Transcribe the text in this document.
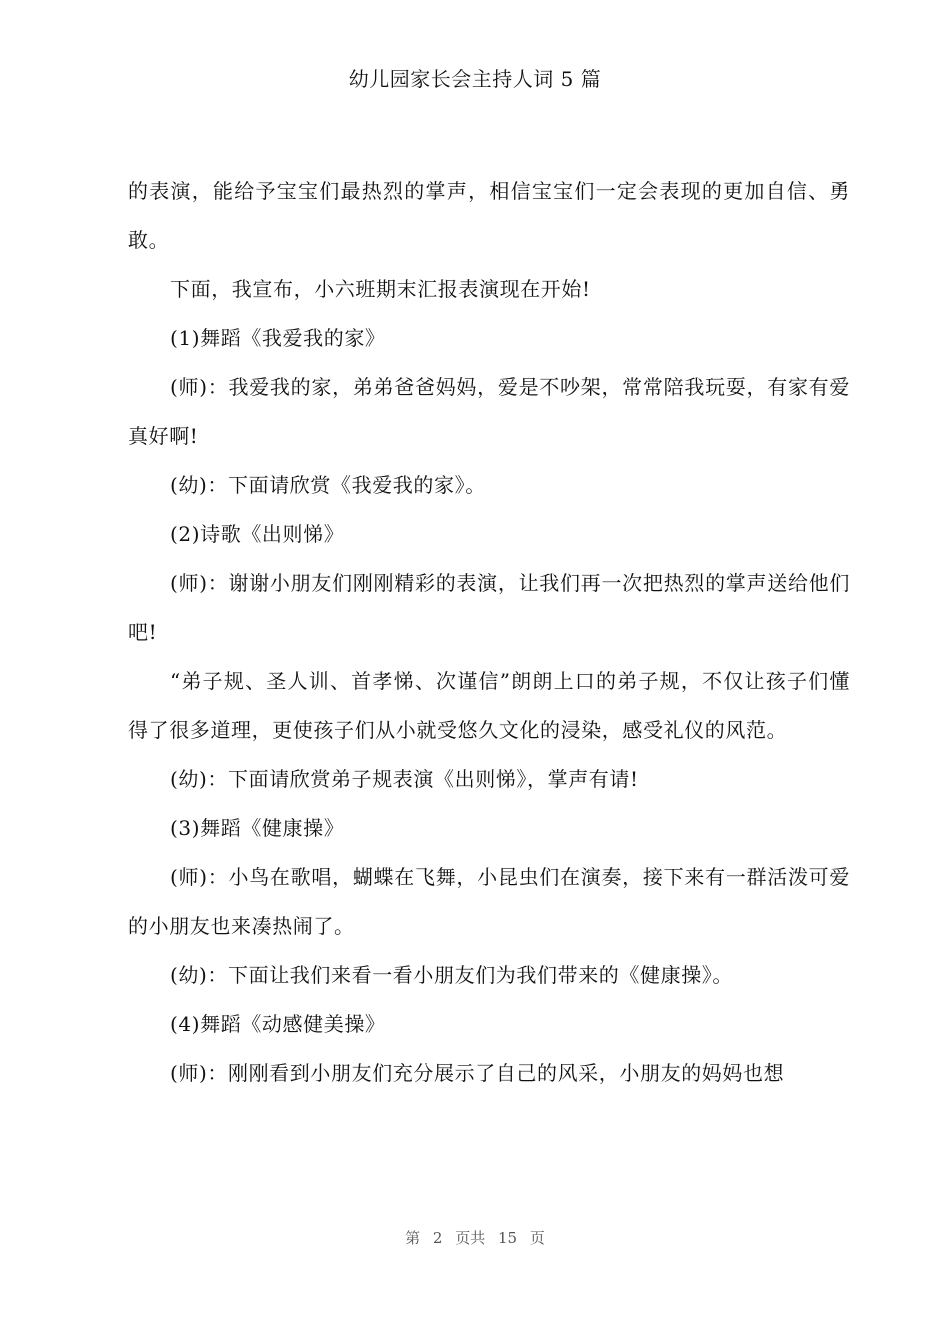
幼儿园家长会主持人词 5 篇

的表演，能给予宝宝们最热烈的掌声，相信宝宝们一定会表现的更加自信、勇敢。

下面，我宣布，小六班期末汇报表演现在开始!

(1)舞蹈《我爱我的家》

(师)：我爱我的家，弟弟爸爸妈妈，爱是不吵架，常常陪我玩耍，有家有爱真好啊!

(幼)：下面请欣赏《我爱我的家》。

(2)诗歌《出则悌》

(师)：谢谢小朋友们刚刚精彩的表演，让我们再一次把热烈的掌声送给他们吧!

“弟子规、圣人训、首孝悌、次谨信”朗朗上口的弟子规，不仅让孩子们懂得了很多道理，更使孩子们从小就受悠久文化的浸染，感受礼仪的风范。

(幼)：下面请欣赏弟子规表演《出则悌》，掌声有请!

(3)舞蹈《健康操》

(师)：小鸟在歌唱，蝴蝶在飞舞，小昆虫们在演奏，接下来有一群活泼可爱的小朋友也来凑热闹了。

(幼)：下面让我们来看一看小朋友们为我们带来的《健康操》。

(4)舞蹈《动感健美操》

(师)：刚刚看到小朋友们充分展示了自己的风采，小朋友的妈妈也想

第 2 页共 15 页
